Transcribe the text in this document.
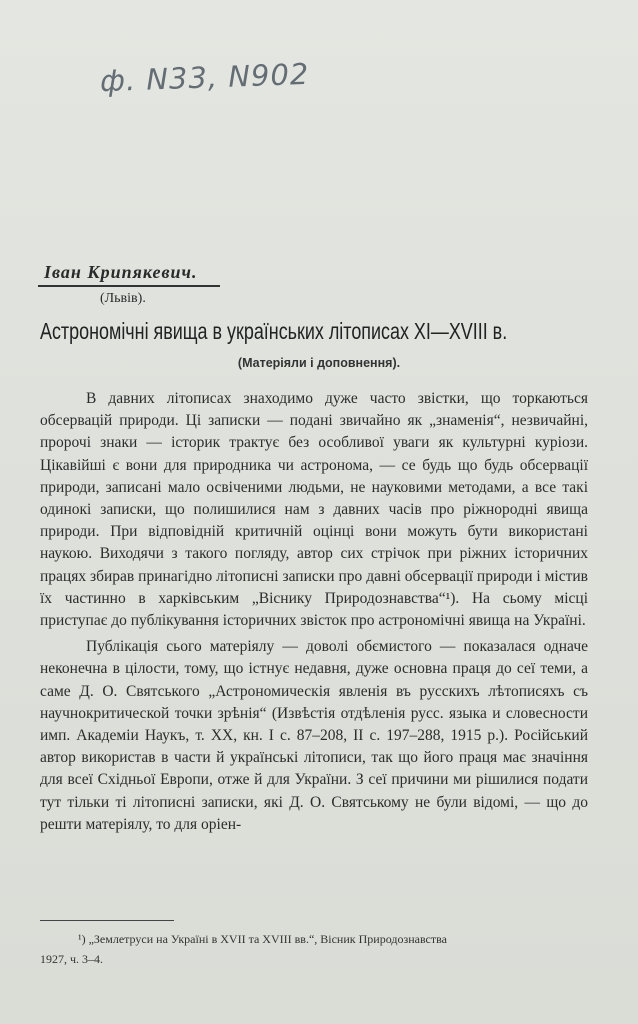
ф. N33, N902
Іван Крипякевич.
(Львів).
Астрономічні явища в українських літописах XI—XVIII в.
(Матеріяли і доповнення).

В давних літописах знаходимо дуже часто звістки, що торкаються обсервацій природи. Ці записки — подані звичайно як „знаменія“, незвичайні, пророчі знаки — історик трактує без особливої уваги як культурні куріози. Цікавійші є вони для природника чи астронома, — се будь що будь обсервації природи, записані мало освіченими людьми, не науковими методами, а все такі одинокі записки, що полишилися нам з давних часів про ріжнородні явища природи. При відповідній критичній оцінці вони можуть бути використані наукою. Виходячи з такого погляду, автор сих стрічок при ріжних історичних працях збирав принагідно літописні записки про давні обсервації природи і містив їх частинно в харківським „Віснику Природознавства“¹). На сьому місці приступає до публікування історичних звісток про астрономічні явища на Україні.

Публікація сього матеріялу — доволі обємистого — показалася одначе неконечна в цілости, тому, що істнує недавня, дуже основна праця до сеї теми, а саме Д. О. Святського „Астрономическія явленія въ русскихъ лѣтописяхъ съ научнокритической точки зрѣнія“ (Извѣстія отдѣленія русс. языка и словесности имп. Академіи Наукъ, т. XX, кн. I с. 87–208, II с. 197–288, 1915 р.). Російський автор використав в части й українські літописи, так що його праця має значіння для всеї Східньої Европи, отже й для України. З сеї причини ми рішилися подати тут тільки ті літописні записки, які Д. О. Святському не були відомі, — що до решти матеріялу, то для оріен-

¹) „Землетруси на Україні в XVII та XVIII вв.“, Вісник Природознавства
1927, ч. 3–4.
